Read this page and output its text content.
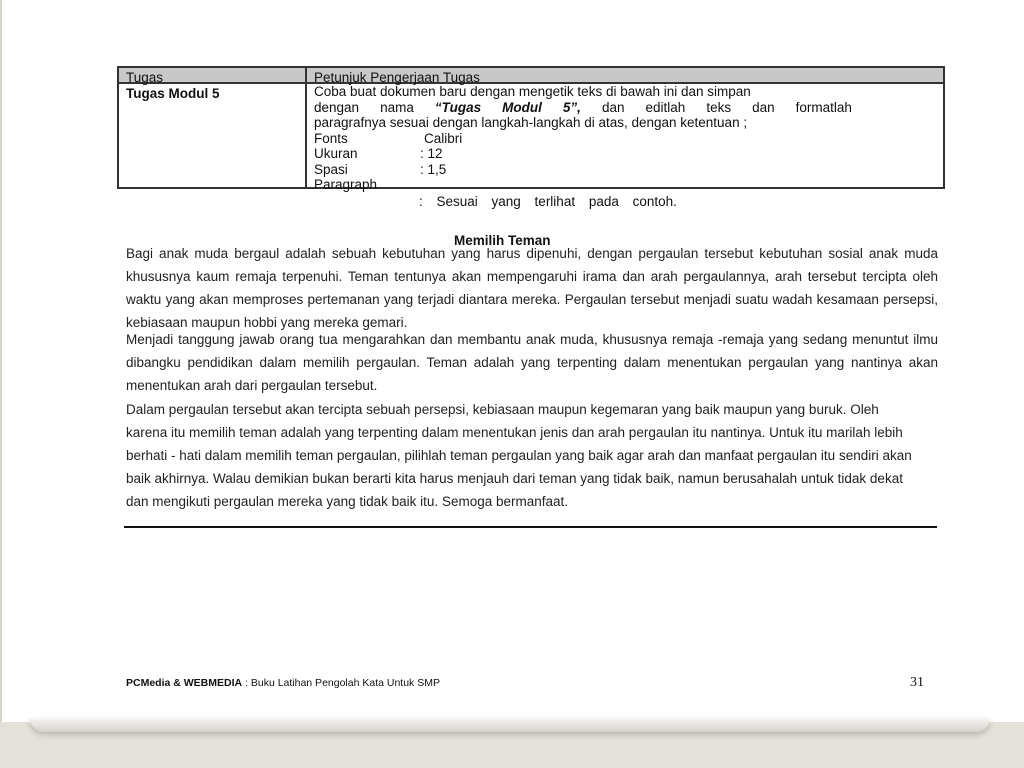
Tugas	Petunjuk Pengerjaan Tugas
Tugas Modul 5	Coba buat dokumen baru dengan mengetik teks di bawah ini dan simpan
dengan nama “Tugas Modul 5”, dan editlah teks dan formatlah
paragrafnya sesuai dengan langkah-langkah di atas, dengan ketentuan ;
Fonts	Calibri
Ukuran	: 12
Spasi	: 1,5
Paragraph
: Sesuai yang terlihat pada contoh.
Memilih Teman

Bagi anak muda bergaul adalah sebuah kebutuhan yang harus dipenuhi, dengan pergaulan tersebut kebutuhan sosial anak muda khususnya kaum remaja terpenuhi. Teman tentunya akan mempengaruhi irama dan arah pergaulannya, arah tersebut tercipta oleh waktu yang akan memproses pertemanan yang terjadi diantara mereka. Pergaulan tersebut menjadi suatu wadah kesamaan persepsi, kebiasaan maupun hobbi yang mereka gemari.

Menjadi tanggung jawab orang tua mengarahkan dan membantu anak muda, khususnya remaja -remaja yang sedang menuntut ilmu dibangku pendidikan dalam memilih pergaulan. Teman adalah yang terpenting dalam menentukan pergaulan yang nantinya akan menentukan arah dari pergaulan tersebut.

Dalam pergaulan tersebut akan tercipta sebuah persepsi, kebiasaan maupun kegemaran yang baik maupun yang buruk. Oleh karena itu memilih teman adalah yang terpenting dalam menentukan jenis dan arah pergaulan itu nantinya. Untuk itu marilah lebih berhati - hati dalam memilih teman pergaulan, pilihlah teman pergaulan yang baik agar arah dan manfaat pergaulan itu sendiri akan baik akhirnya. Walau demikian bukan berarti kita harus menjauh dari teman yang tidak baik, namun berusahalah untuk tidak dekat dan mengikuti pergaulan mereka yang tidak baik itu. Semoga bermanfaat.

PCMedia & WEBMEDIA : Buku Latihan Pengolah Kata Untuk SMP	31
